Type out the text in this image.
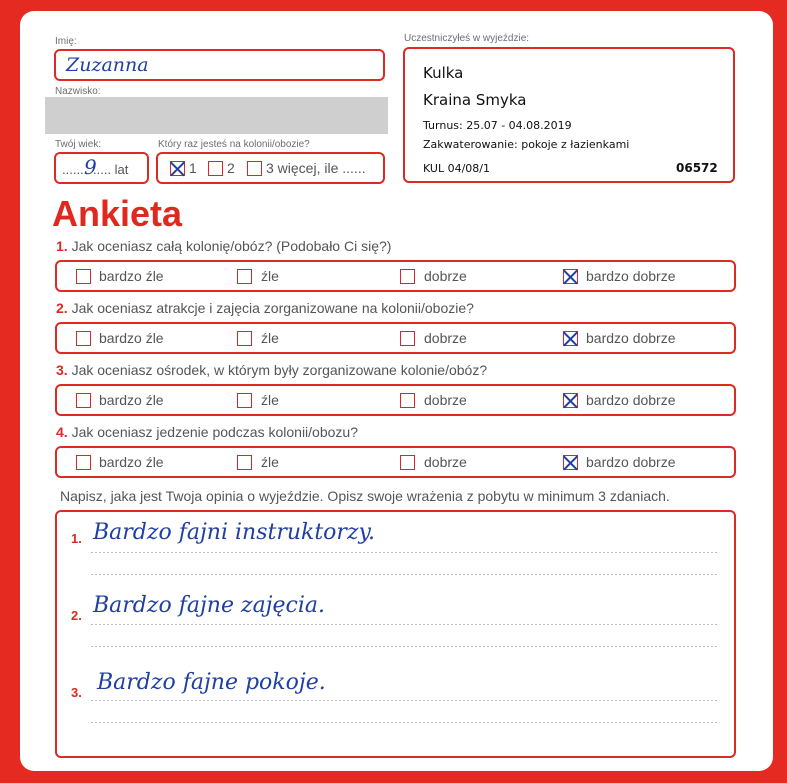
Imię:
Zuzanna
Nazwisko:
Twój wiek:
...... 9
..... lat
Który raz jesteś na kolonii/obozie?
1 2 3 więcej, ile ......
Uczestniczyłeś w wyjeździe:
Kulka
Kraina Smyka
Turnus: 25.07 - 04.08.2019
Zakwaterowanie: pokoje z łazienkami
KUL 04/08/1	06572
Ankieta
1. Jak oceniasz całą kolonię/obóz? (Podobało Ci się?)
bardzo źle	źle	dobrze	bardzo dobrze
2. Jak oceniasz atrakcje i zajęcia zorganizowane na kolonii/obozie?
bardzo źle	źle	dobrze	bardzo dobrze
3. Jak oceniasz ośrodek, w którym były zorganizowane kolonie/obóz?
bardzo źle	źle	dobrze	bardzo dobrze
4. Jak oceniasz jedzenie podczas kolonii/obozu?
bardzo źle	źle	dobrze	bardzo dobrze
Napisz, jaka jest Twoja opinia o wyjeździe. Opisz swoje wrażenia z pobytu w minimum 3 zdaniach.
1. Bardzo fajni instruktorzy.
2. Bardzo fajne zajęcia.
3. Bardzo fajne pokoje.
